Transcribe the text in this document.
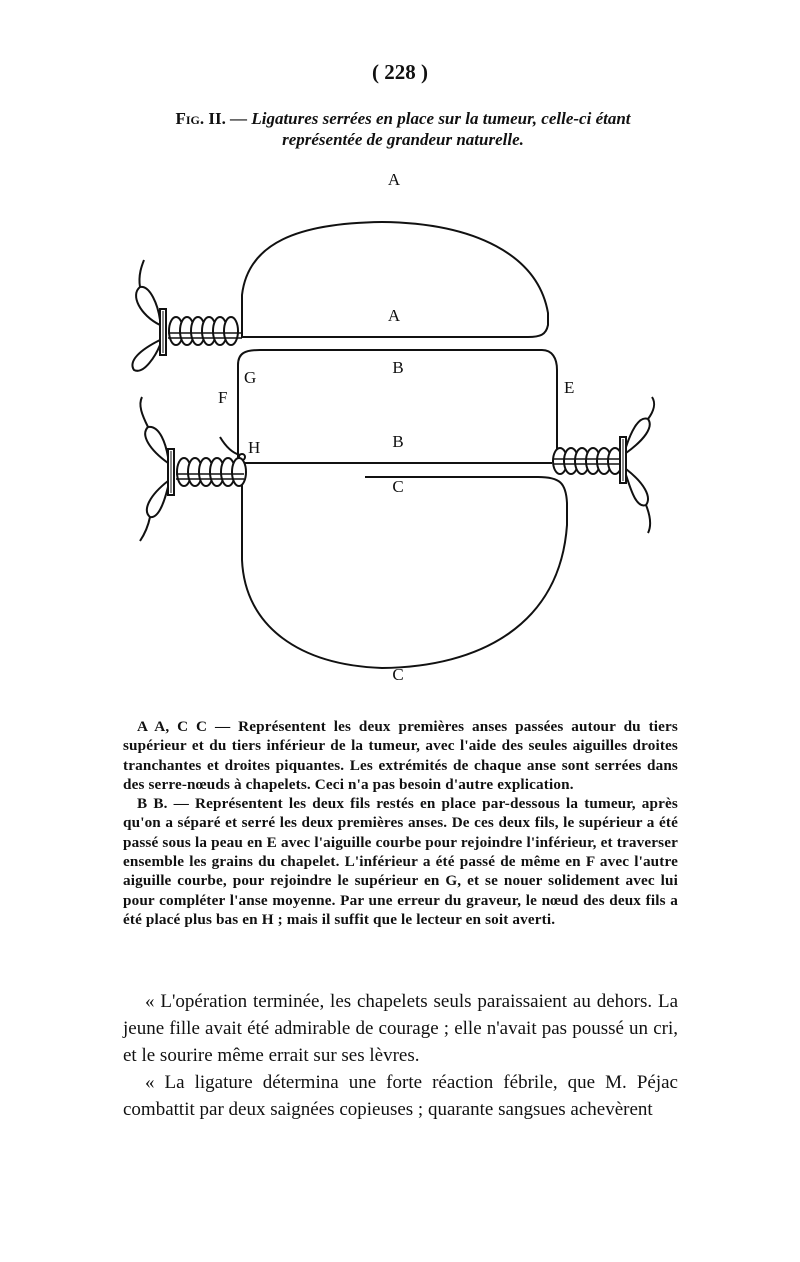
( 228 )
Fig. II. — Ligatures serrées en place sur la tumeur, celle-ci étant représentée de grandeur naturelle.
A
A
B
B
C
C
E
F
G
H

A A, C C — Représentent les deux premières anses passées autour du tiers supérieur et du tiers inférieur de la tumeur, avec l'aide des seules aiguilles droites tranchantes et droites piquantes. Les extrémités de chaque anse sont serrées dans des serre-nœuds à chapelets. Ceci n'a pas besoin d'autre explication.

B B. — Représentent les deux fils restés en place par-dessous la tumeur, après qu'on a séparé et serré les deux premières anses. De ces deux fils, le supérieur a été passé sous la peau en E avec l'aiguille courbe pour rejoindre l'inférieur, et traverser ensemble les grains du chapelet. L'inférieur a été passé de même en F avec l'autre aiguille courbe, pour rejoindre le supérieur en G, et se nouer solidement avec lui pour compléter l'anse moyenne. Par une erreur du graveur, le nœud des deux fils a été placé plus bas en H ; mais il suffit que le lecteur en soit averti.

« L'opération terminée, les chapelets seuls paraissaient au dehors. La jeune fille avait été admirable de courage ; elle n'avait pas poussé un cri, et le sourire même errait sur ses lèvres.

« La ligature détermina une forte réaction fébrile, que M. Péjac combattit par deux saignées copieuses ; quarante sangsues achevèrent
